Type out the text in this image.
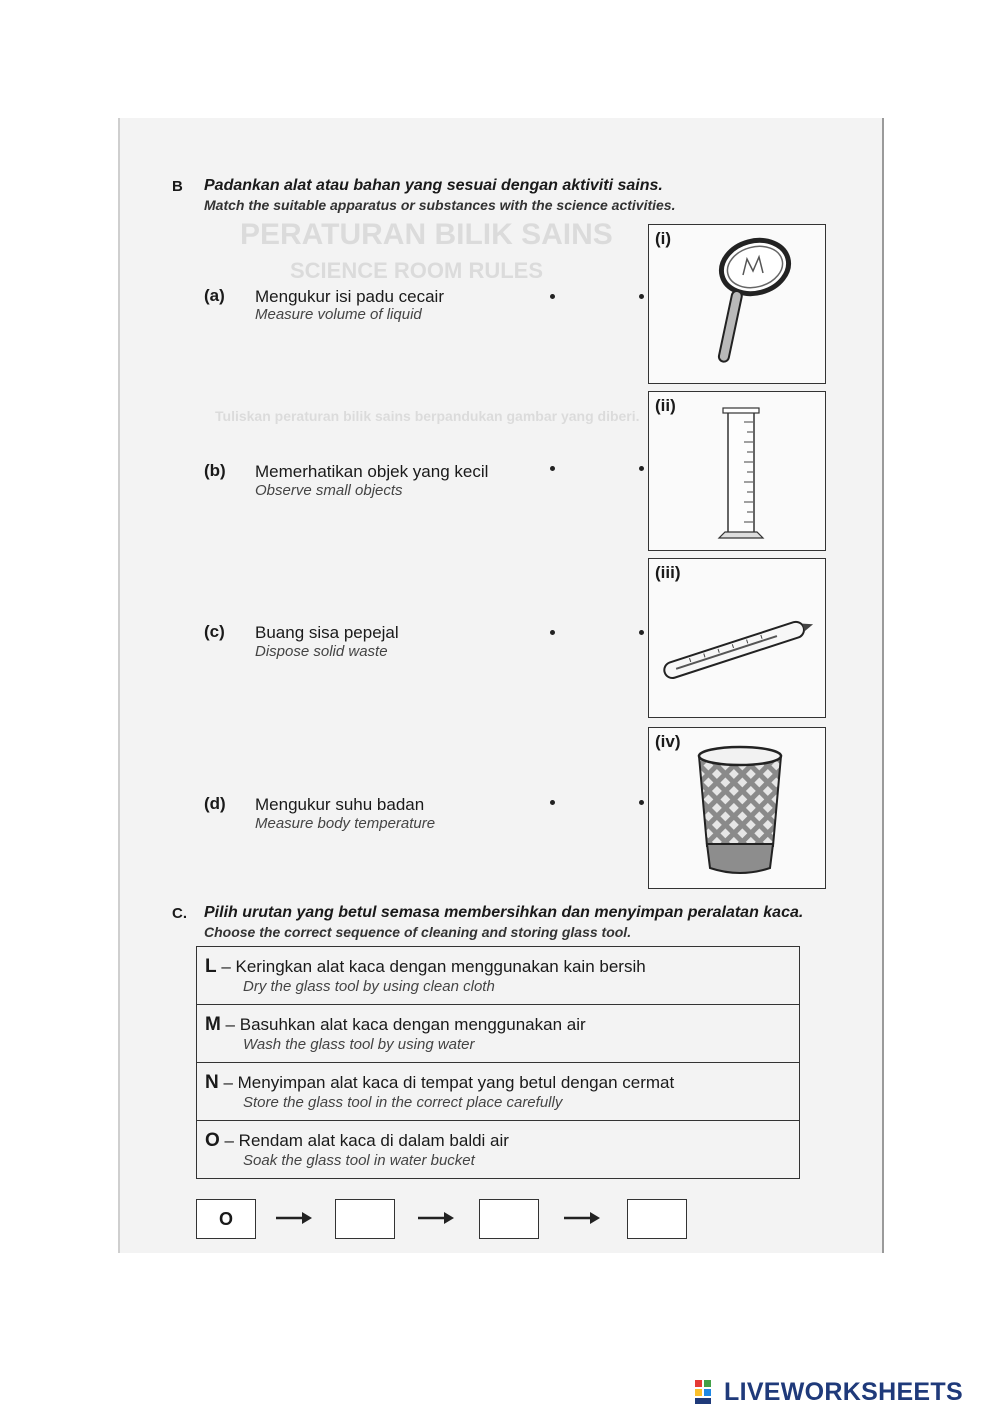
PERATURAN BILIK SAINS
SCIENCE ROOM RULES
Tuliskan peraturan bilik sains berpandukan gambar yang diberi.
B Padankan alat atau bahan yang sesuai dengan aktiviti sains.
Match the suitable apparatus or substances with the science activities.
(a) Mengukur isi padu cecair
Measure volume of liquid
(b) Memerhatikan objek yang kecil
Observe small objects
(c) Buang sisa pepejal
Dispose solid waste
(d) Mengukur suhu badan
Measure body temperature
(i)
(ii)
(iii)
(iv)
C. Pilih urutan yang betul semasa membersihkan dan menyimpan peralatan kaca.
Choose the correct sequence of cleaning and storing glass tool.
L – Keringkan alat kaca dengan menggunakan kain bersih
Dry the glass tool by using clean cloth

M – Basuhkan alat kaca dengan menggunakan air
Wash the glass tool by using water

N – Menyimpan alat kaca di tempat yang betul dengan cermat
Store the glass tool in the correct place carefully

O – Rendam alat kaca di dalam baldi air
Soak the glass tool in water bucket
O
LIVEWORKSHEETS
